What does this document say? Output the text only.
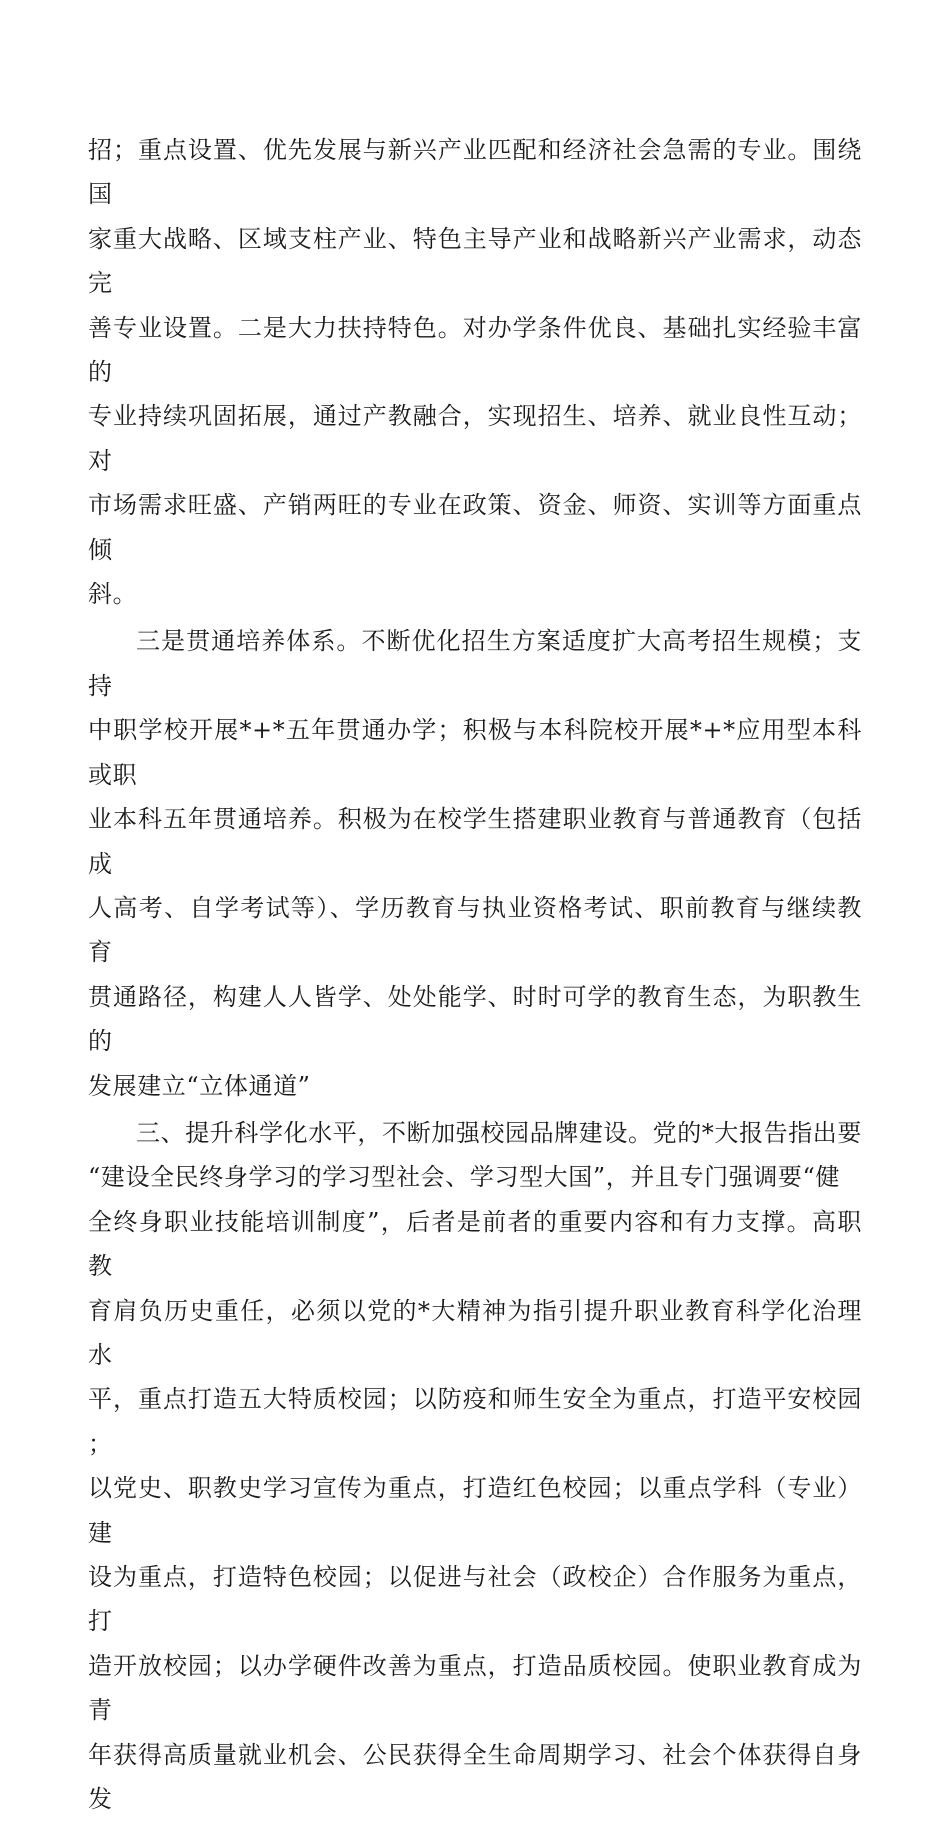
招；重点设置、优先发展与新兴产业匹配和经济社会急需的专业。围绕国
家重大战略、区域支柱产业、特色主导产业和战略新兴产业需求，动态完
善专业设置。二是大力扶持特色。对办学条件优良、基础扎实经验丰富的
专业持续巩固拓展，通过产教融合，实现招生、培养、就业良性互动；对
市场需求旺盛、产销两旺的专业在政策、资金、师资、实训等方面重点倾
斜。

三是贯通培养体系。不断优化招生方案适度扩大高考招生规模；支持
中职学校开展*+*五年贯通办学；积极与本科院校开展*+*应用型本科或职
业本科五年贯通培养。积极为在校学生搭建职业教育与普通教育（包括成
人高考、自学考试等）、学历教育与执业资格考试、职前教育与继续教育
贯通路径，构建人人皆学、处处能学、时时可学的教育生态，为职教生的
发展建立“立体通道”

三、提升科学化水平，不断加强校园品牌建设。党的*大报告指出要
“建设全民终身学习的学习型社会、学习型大国”，并且专门强调要“健
全终身职业技能培训制度”，后者是前者的重要内容和有力支撑。高职教
育肩负历史重任，必须以党的*大精神为指引提升职业教育科学化治理水
平，重点打造五大特质校园；以防疫和师生安全为重点，打造平安校园；
以党史、职教史学习宣传为重点，打造红色校园；以重点学科（专业）建
设为重点，打造特色校园；以促进与社会（政校企）合作服务为重点，打
造开放校园；以办学硬件改善为重点，打造品质校园。使职业教育成为青
年获得高质量就业机会、公民获得全生命周期学习、社会个体获得自身发
